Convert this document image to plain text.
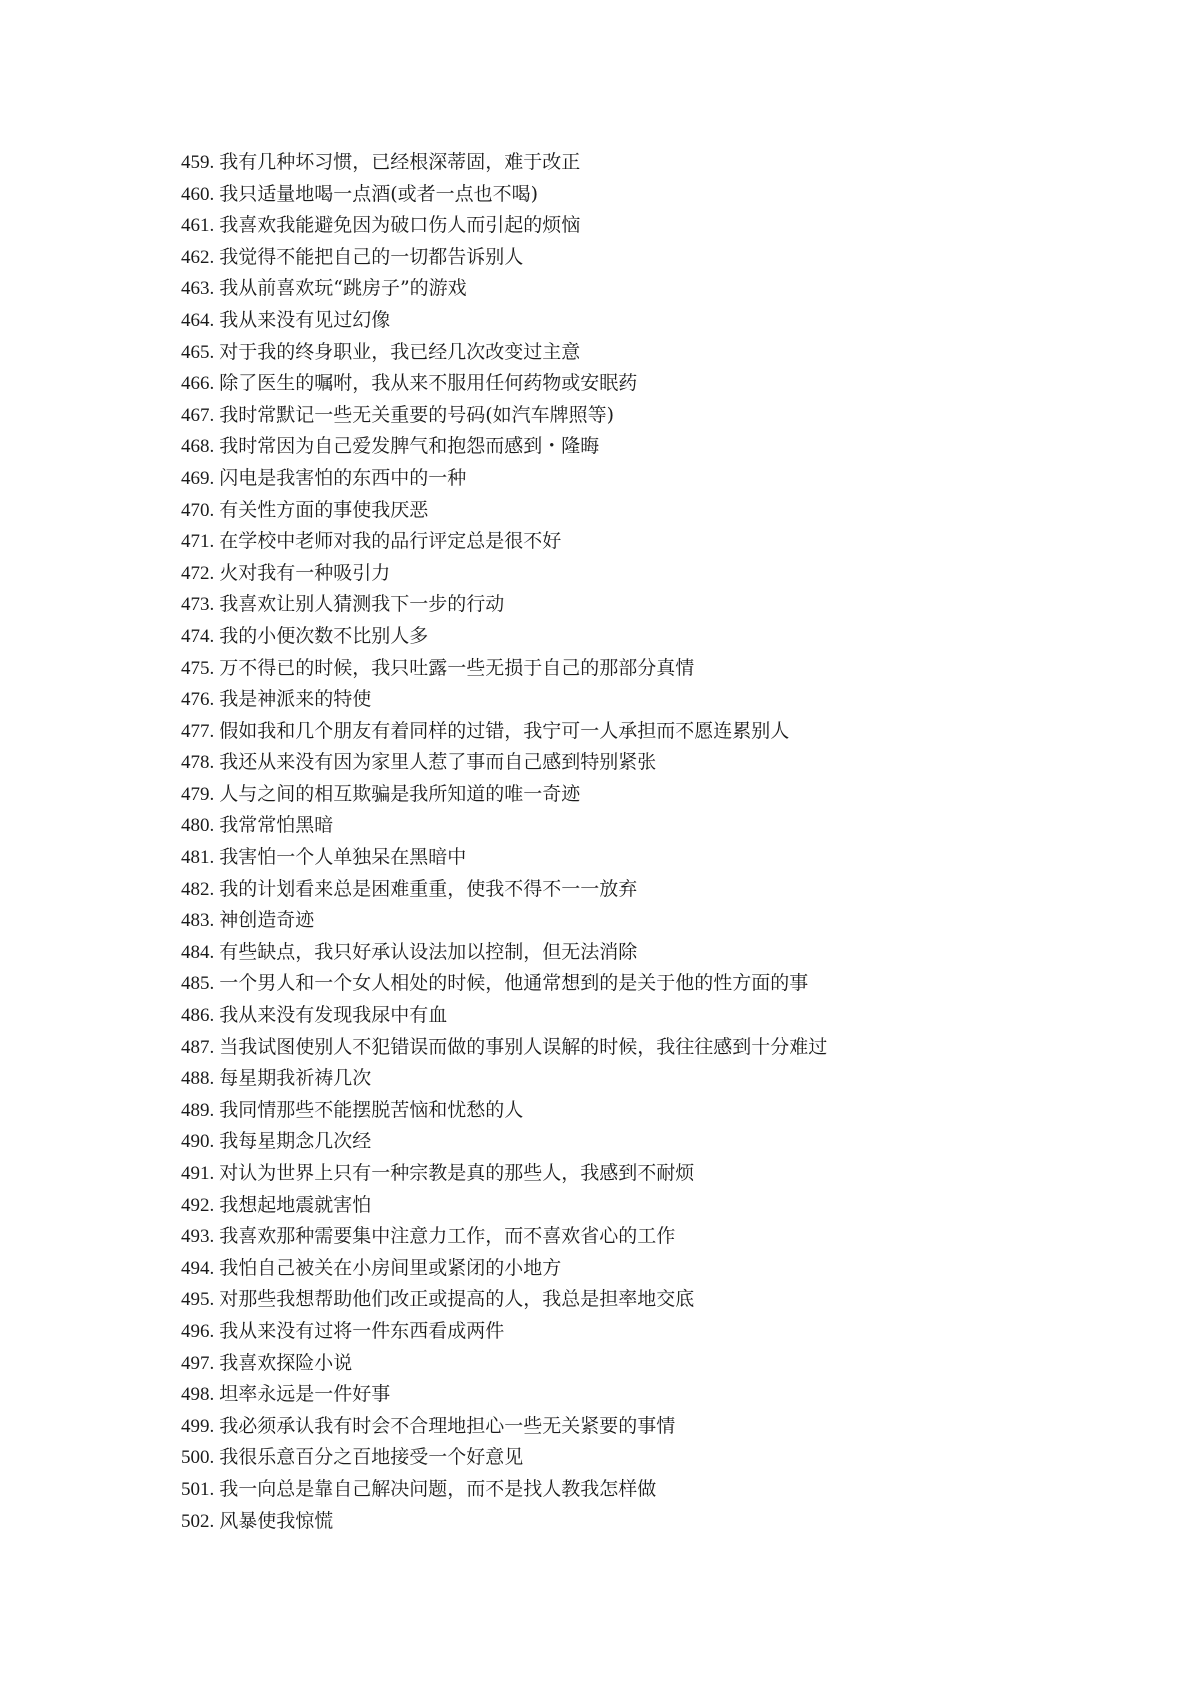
459. 我有几种坏习惯，已经根深蒂固，难于改正
460. 我只适量地喝一点酒(或者一点也不喝)
461. 我喜欢我能避免因为破口伤人而引起的烦恼
462. 我觉得不能把自己的一切都告诉别人
463. 我从前喜欢玩“跳房子”的游戏
464. 我从来没有见过幻像
465. 对于我的终身职业，我已经几次改变过主意
466. 除了医生的嘱咐，我从来不服用任何药物或安眠药
467. 我时常默记一些无关重要的号码(如汽车牌照等)
468. 我时常因为自己爱发脾气和抱怨而感到・隆晦
469. 闪电是我害怕的东西中的一种
470. 有关性方面的事使我厌恶
471. 在学校中老师对我的品行评定总是很不好
472. 火对我有一种吸引力
473. 我喜欢让别人猜测我下一步的行动
474. 我的小便次数不比别人多
475. 万不得已的时候，我只吐露一些无损于自己的那部分真情
476. 我是神派来的特使
477. 假如我和几个朋友有着同样的过错，我宁可一人承担而不愿连累别人
478. 我还从来没有因为家里人惹了事而自己感到特别紧张
479. 人与之间的相互欺骗是我所知道的唯一奇迹
480. 我常常怕黑暗
481. 我害怕一个人单独呆在黑暗中
482. 我的计划看来总是困难重重，使我不得不一一放弃
483. 神创造奇迹
484. 有些缺点，我只好承认设法加以控制，但无法消除
485. 一个男人和一个女人相处的时候，他通常想到的是关于他的性方面的事
486. 我从来没有发现我尿中有血
487. 当我试图使别人不犯错误而做的事别人误解的时候，我往往感到十分难过
488. 每星期我祈祷几次
489. 我同情那些不能摆脱苦恼和忧愁的人
490. 我每星期念几次经
491. 对认为世界上只有一种宗教是真的那些人，我感到不耐烦
492. 我想起地震就害怕
493. 我喜欢那种需要集中注意力工作，而不喜欢省心的工作
494. 我怕自己被关在小房间里或紧闭的小地方
495. 对那些我想帮助他们改正或提高的人，我总是担率地交底
496. 我从来没有过将一件东西看成两件
497. 我喜欢探险小说
498. 坦率永远是一件好事
499. 我必须承认我有时会不合理地担心一些无关紧要的事情
500. 我很乐意百分之百地接受一个好意见
501. 我一向总是靠自己解决问题，而不是找人教我怎样做
502. 风暴使我惊慌
